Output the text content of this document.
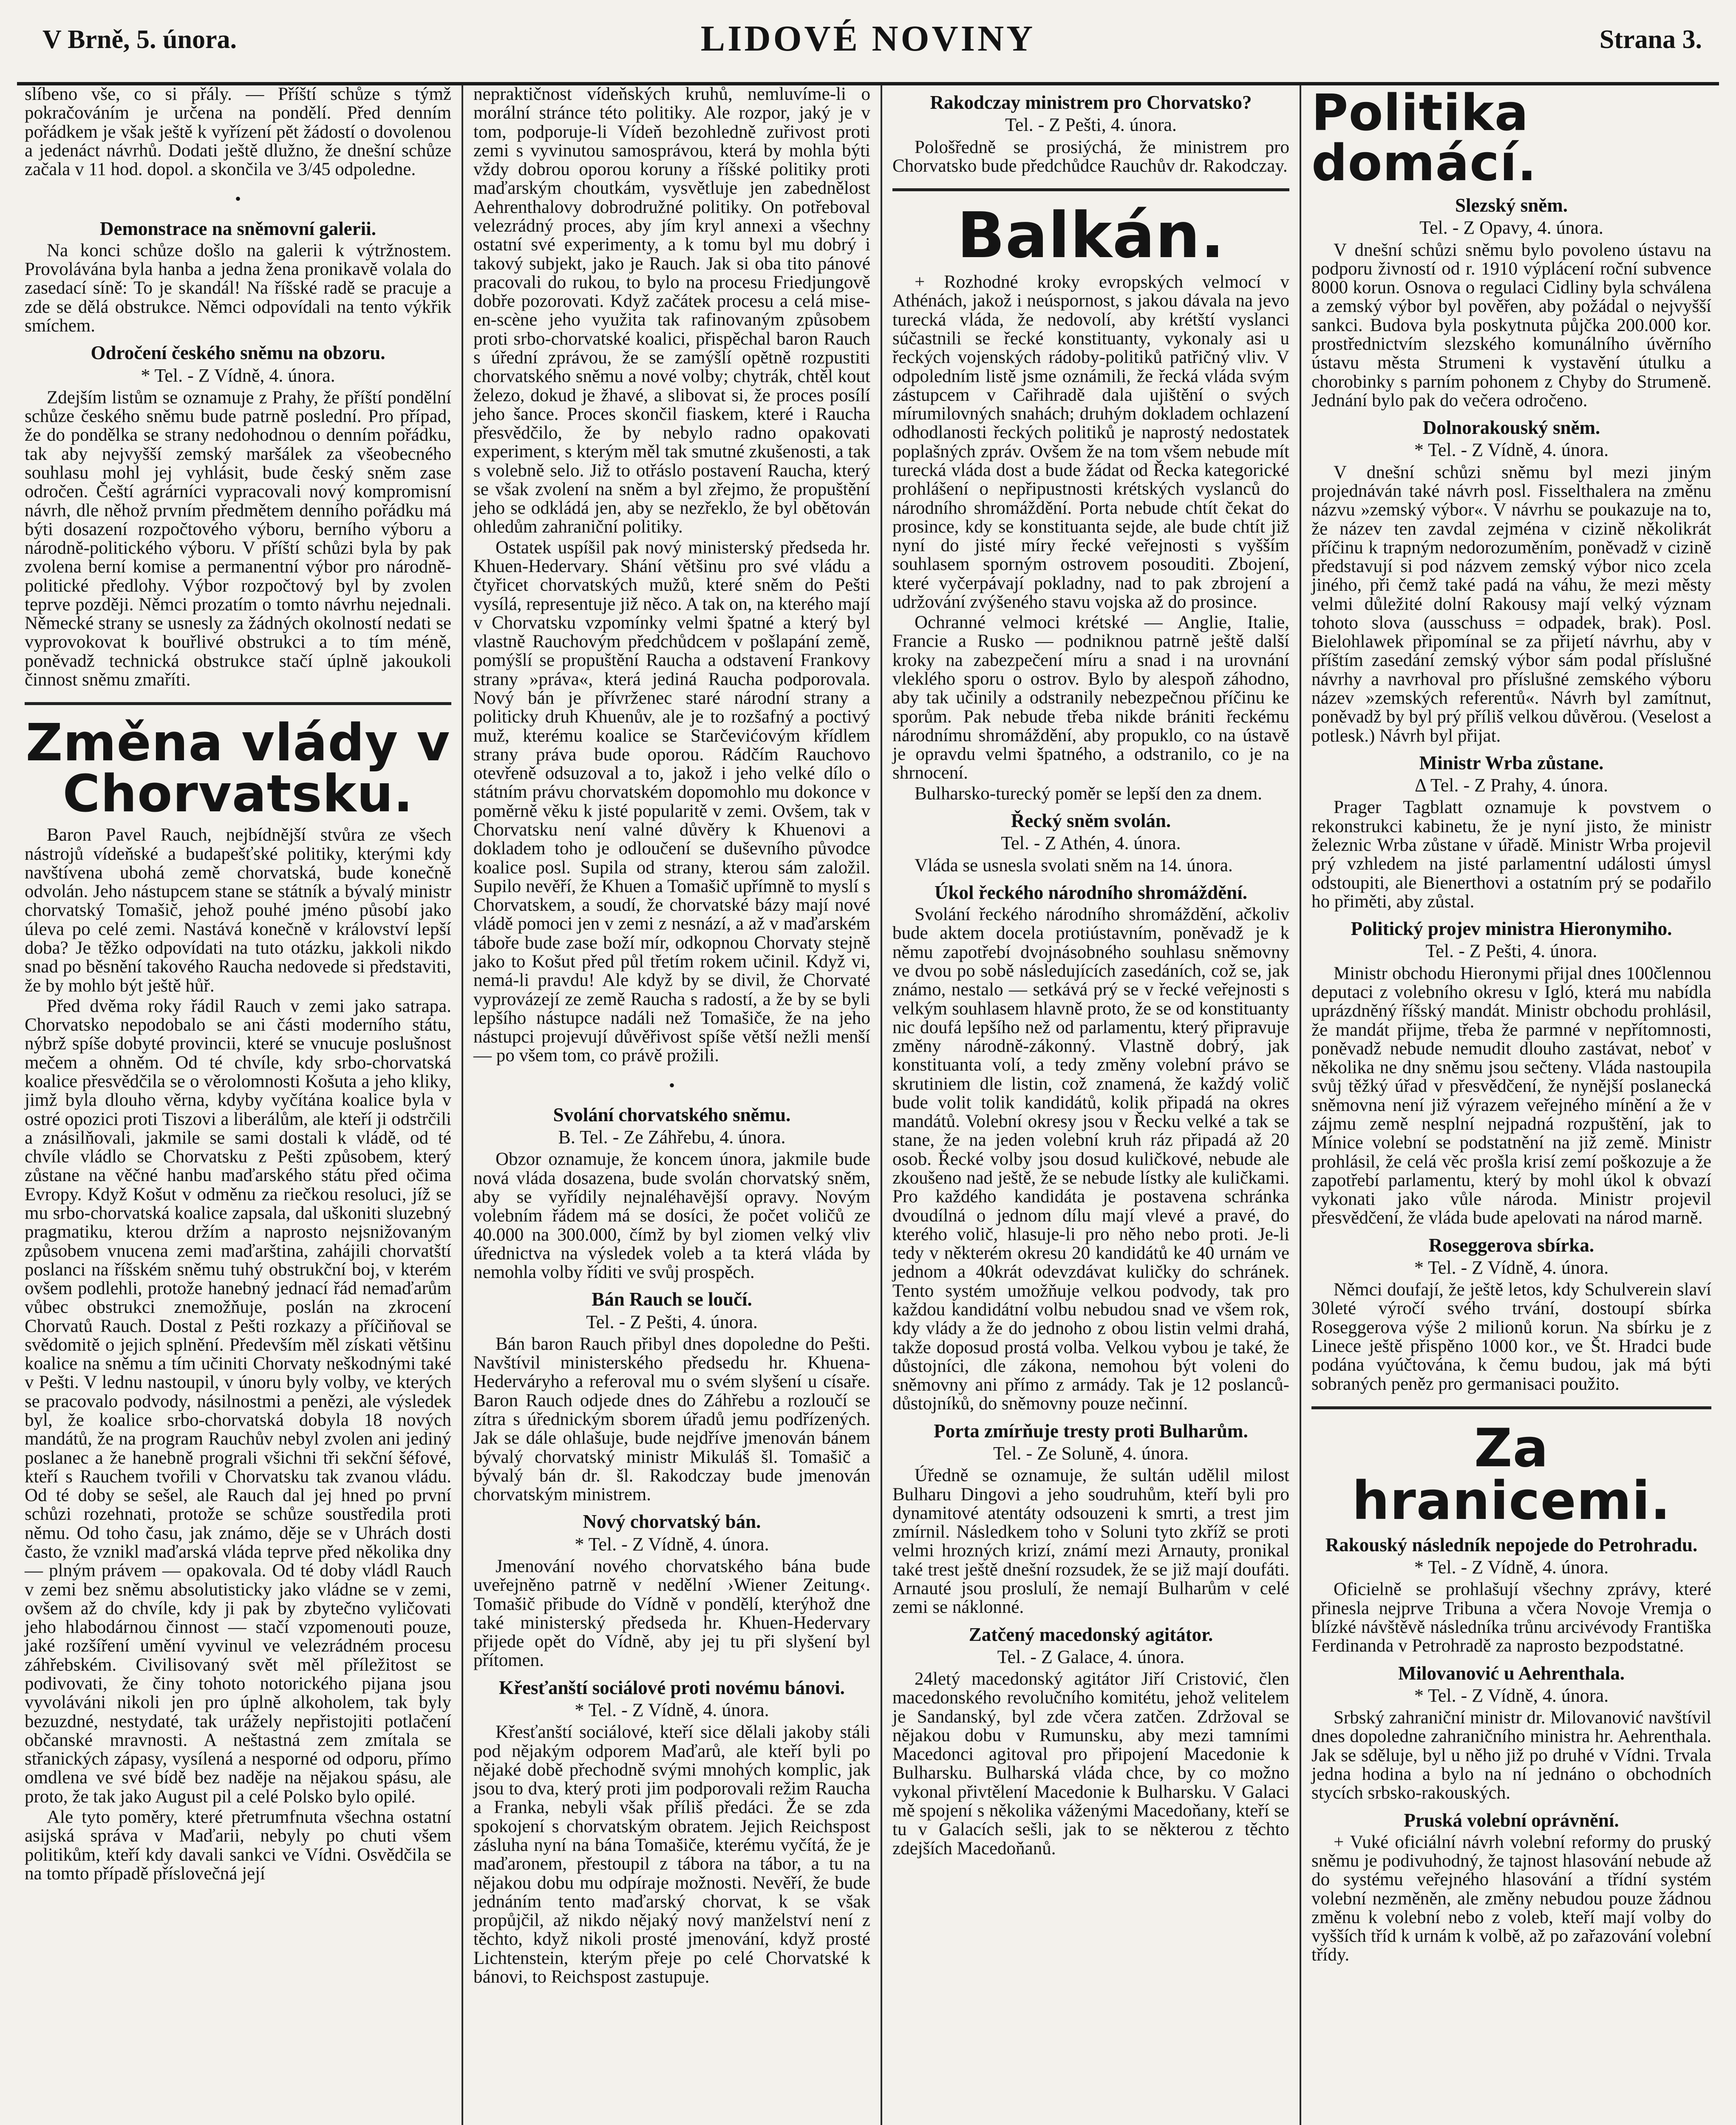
V Brně, 5. února.	LIDOVÉ NOVINY	Strana 3.

slíbeno vše, co si přály. — Příští schůze s týmž pokračováním je určena na pondělí. Před denním pořádkem je však ještě k vyřízení pět žádostí o dovolenou a jedenáct návrhů. Dodati ještě dlužno, že dnešní schůze začala v 11 hod. dopol. a skončila ve 3/45 odpoledne.

•
Demonstrace na sněmovní galerii.

Na konci schůze došlo na galerii k výtržnostem. Provolávána byla hanba a jedna žena pronikavě volala do zasedací síně: To je skandál! Na říšské radě se pracuje a zde se dělá obstrukce. Němci odpovídali na tento výkřik smíchem.

Odročení českého sněmu na obzoru.
* Tel. - Z Vídně, 4. února.

Zdejším listům se oznamuje z Prahy, že příští pondělní schůze českého sněmu bude patrně poslední. Pro případ, že do pondělka se strany nedohodnou o denním pořádku, tak aby nejvyšší zemský maršálek za všeobecného souhlasu mohl jej vyhlásit, bude český sněm zase odročen. Čeští agrárníci vypracovali nový kompromisní návrh, dle něhož prvním předmětem denního pořádku má býti dosazení rozpočtového výboru, berního výboru a národně-politického výboru. V příští schůzi byla by pak zvolena berní komise a permanentní výbor pro národně-politické předlohy. Výbor rozpočtový byl by zvolen teprve později. Němci prozatím o tomto návrhu nejednali. Německé strany se usnesly za žádných okolností nedati se vyprovokovat k bouřlivé obstrukci a to tím méně, poněvadž technická obstrukce stačí úplně jakoukoli činnost sněmu zmaříti.

Změna vlády v Chorvatsku.

Baron Pavel Rauch, nejbídnější stvůra ze všech nástrojů vídeňské a budapešťské politiky, kterými kdy navštívena ubohá země chorvatská, bude konečně odvolán. Jeho nástupcem stane se státník a bývalý ministr chorvatský Tomašič, jehož pouhé jméno působí jako úleva po celé zemi. Nastává konečně v království lepší doba? Je těžko odpovídati na tuto otázku, jakkoli nikdo snad po běsnění takového Raucha nedovede si představiti, že by mohlo být ještě hůř.

Před dvěma roky řádil Rauch v zemi jako satrapa. Chorvatsko nepodobalo se ani části moderního státu, nýbrž spíše dobyté provincii, které se vnucuje poslušnost mečem a ohněm. Od té chvíle, kdy srbo-chorvatská koalice přesvědčila se o věrolomnosti Košuta a jeho kliky, jimž byla dlouho věrna, kdyby vyčítána koalice byla v ostré opozici proti Tiszovi a liberálům, ale kteří ji odstrčili a znásilňovali, jakmile se sami dostali k vládě, od té chvíle vládlo se Chorvatsku z Pešti způsobem, který zůstane na věčné hanbu maďarského státu před očima Evropy. Když Košut v odměnu za riečkou resoluci, jíž se mu srbo-chorvatská koalice zapsala, dal uškoniti sluzebný pragmatiku, kterou držím a naprosto nejsnižovaným způsobem vnucena zemi maďarština, zahájili chorvatští poslanci na říšském sněmu tuhý obstrukční boj, v kterém ovšem podlehli, protože hanebný jednací řád nemaďarům vůbec obstrukci znemožňuje, poslán na zkrocení Chorvatů Rauch. Dostal z Pešti rozkazy a příčiňoval se svědomitě o jejich splnění. Především měl získati většinu koalice na sněmu a tím učiniti Chorvaty neškodnými také v Pešti. V lednu nastoupil, v únoru byly volby, ve kterých se pracovalo podvody, násilnostmi a penězi, ale výsledek byl, že koalice srbo-chorvatská dobyla 18 nových mandátů, že na program Rauchův nebyl zvolen ani jediný poslanec a že hanebně prograli všichni tři sekční šéfové, kteří s Rauchem tvořili v Chorvatsku tak zvanou vládu. Od té doby se sešel, ale Rauch dal jej hned po první schůzi rozehnati, protože se schůze soustředila proti němu. Od toho času, jak známo, děje se v Uhrách dosti často, že vznikl maďarská vláda teprve před několika dny — plným právem — opakovala. Od té doby vládl Rauch v zemi bez sněmu absolutisticky jako vládne se v zemi, ovšem až do chvíle, kdy ji pak by zbytečno vyličovati jeho hlabodárnou činnost — stačí vzpomenouti pouze, jaké rozšíření umění vyvinul ve velezrádném procesu záhřebském. Civilisovaný svět měl příležitost se podivovati, že činy tohoto notorického pijana jsou vyvoláváni nikoli jen pro úplně alkoholem, tak byly bezuzdné, nestydaté, tak urážely nepřistojiti potlačení občanské mravnosti. A neštastná zem zmítala se střanických zápasy, vysílená a nesporné od odporu, přímo omdlena ve své bídě bez naděje na nějakou spásu, ale proto, že tak jako August pil a celé Polsko bylo opilé.

Ale tyto poměry, které přetrumfnuta všechna ostatní asijská správa v Maďarii, nebyly po chuti všem politikům, kteří kdy davali sankci ve Vídni. Osvědčila se na tomto případě příslovečná její

nepraktičnost vídeňských kruhů, nemluvíme-li o morální stránce této politiky. Ale rozpor, jaký je v tom, podporuje-li Vídeň bezohledně zuřivost proti zemi s vyvinutou samosprávou, která by mohla býti vždy dobrou oporou koruny a říšské politiky proti maďarským choutkám, vysvětluje jen zabednělost Aehrenthalovy dobrodružné politiky. On potřeboval velezrádný proces, aby jím kryl annexi a všechny ostatní své experimenty, a k tomu byl mu dobrý i takový subjekt, jako je Rauch. Jak si oba tito pánové pracovali do rukou, to bylo na procesu Friedjungově dobře pozorovati. Když začátek procesu a celá mise-en-scène jeho využita tak rafinovaným způsobem proti srbo-chorvatské koalici, přispěchal baron Rauch s úřední zprávou, že se zamýšlí opětně rozpustiti chorvatského sněmu a nové volby; chytrák, chtěl kout železo, dokud je žhavé, a slibovat si, že proces posílí jeho šance. Proces skončil fiaskem, které i Raucha přesvědčilo, že by nebylo radno opakovati experiment, s kterým měl tak smutné zkušenosti, a tak s volebně selo. Již to otřáslo postavení Raucha, který se však zvolení na sněm a byl zřejmo, že propuštění jeho se odkládá jen, aby se nezřeklo, že byl obětován ohledům zahraniční politiky.

Ostatek uspíšil pak nový ministerský předseda hr. Khuen-Hedervary. Shání většinu pro své vládu a čtyřicet chorvatských mužů, které sněm do Pešti vysílá, representuje již něco. A tak on, na kterého mají v Chorvatsku vzpomínky velmi špatné a který byl vlastně Rauchovým předchůdcem v pošlapání země, pomýšlí se propuštění Raucha a odstavení Frankovy strany »práva«, která jediná Raucha podporovala. Nový bán je přívrženec staré národní strany a politicky druh Khuenův, ale je to rozšafný a poctivý muž, kterému koalice se Starčevićovým křídlem strany práva bude oporou. Rádčím Rauchovo otevřeně odsuzoval a to, jakož i jeho velké dílo o státním právu chorvatském dopomohlo mu dokonce v poměrně věku k jisté popularitě v zemi. Ovšem, tak v Chorvatsku není valné důvěry k Khuenovi a dokladem toho je odloučení se duševního původce koalice posl. Supila od strany, kterou sám založil. Supilo nevěří, že Khuen a Tomašič upřímně to myslí s Chorvatskem, a soudí, že chorvatské bázy mají nové vládě pomoci jen v zemi z nesnází, a až v maďarském táboře bude zase boží mír, odkopnou Chorvaty stejně jako to Košut před půl třetím rokem učinil. Když vi, nemá-li pravdu! Ale když by se divil, že Chorvaté vyprovázejí ze země Raucha s radostí, a že by se byli lepšího nástupce nadáli než Tomašiče, že na jeho nástupci projevují důvěřivost spíše větší nežli menší — po všem tom, co právě prožili.

•
Svolání chorvatského sněmu.
B. Tel. - Ze Záhřebu, 4. února.

Obzor oznamuje, že koncem února, jakmile bude nová vláda dosazena, bude svolán chorvatský sněm, aby se vyřídily nejnaléhavější opravy. Novým volebním řádem má se dosíci, že počet voličů ze 40.000 na 300.000, čímž by byl ziomen velký vliv úřednictva na výsledek voleb a ta která vláda by nemohla volby říditi ve svůj prospěch.

Bán Rauch se loučí.
Tel. - Z Pešti, 4. února.

Bán baron Rauch přibyl dnes dopoledne do Pešti. Navštívil ministerského předsedu hr. Khuena-Hederváryho a referoval mu o svém slyšení u císaře. Baron Rauch odjede dnes do Záhřebu a rozloučí se zítra s úřednickým sborem úřadů jemu podřízených. Jak se dále ohlašuje, bude nejdříve jmenován bánem bývalý chorvatský ministr Mikuláš šl. Tomašič a bývalý bán dr. šl. Rakodczay bude jmenován chorvatským ministrem.

Nový chorvatský bán.
* Tel. - Z Vídně, 4. února.

Jmenování nového chorvatského bána bude uveřejněno patrně v nedělní ›Wiener Zeitung‹. Tomašič přibude do Vídně v pondělí, kterýhož dne také ministerský předseda hr. Khuen-Hedervary přijede opět do Vídně, aby jej tu při slyšení byl přítomen.

Křesťanští sociálové proti novému bánovi.
* Tel. - Z Vídně, 4. února.

Křesťanští sociálové, kteří sice dělali jakoby stáli pod nějakým odporem Maďarů, ale kteří byli po nějaké době přechodně svými mnohých komplic, jak jsou to dva, který proti jim podporovali režim Raucha a Franka, nebyli však příliš předáci. Že se zda spokojení s chorvatským obratem. Jejich Reichspost zásluha nyní na bána Tomašiče, kterému vyčítá, že je maďaronem, přestoupil z tábora na tábor, a tu na nějakou dobu mu odpíraje možnosti. Nevěří, že bude jednáním tento maďarský chorvat, k se však propůjčil, až nikdo nějaký nový manželství není z těchto, když nikoli prosté jmenování, když prosté Lichtenstein, kterým přeje po celé Chorvatské k bánovi, to Reichspost zastupuje.

Rakodczay ministrem pro Chorvatsko?
Tel. - Z Pešti, 4. února.

Pološředně se prosiýchá, že ministrem pro Chorvatsko bude předchůdce Rauchův dr. Rakodczay.

Balkán.

+ Rozhodné kroky evropských velmocí v Athénách, jakož i neúspornost, s jakou dávala na jevo turecká vláda, že nedovolí, aby krétští vyslanci súčastnili se řecké konstituanty, vykonaly asi u řeckých vojenských rádoby-politiků patřičný vliv. V odpoledním listě jsme oznámili, že řecká vláda svým zástupcem v Cařihradě dala ujištění o svých mírumilovných snahách; druhým dokladem ochlazení odhodlanosti řeckých politiků je naprostý nedostatek poplašných zpráv. Ovšem že na tom všem nebude mít turecká vláda dost a bude žádat od Řecka kategorické prohlášení o nepřipustnosti krétských vyslanců do národního shromáždění. Porta nebude chtít čekat do prosince, kdy se konstituanta sejde, ale bude chtít již nyní do jisté míry řecké veřejnosti s vyšším souhlasem sporným ostrovem posouditi. Zbojení, které vyčerpávají pokladny, nad to pak zbrojení a udržování zvýšeného stavu vojska až do prosince.

Ochranné velmoci krétské — Anglie, Italie, Francie a Rusko — podniknou patrně ještě další kroky na zabezpečení míru a snad i na urovnání vleklého sporu o ostrov. Bylo by alespoň záhodno, aby tak učinily a odstranily nebezpečnou příčinu ke sporům. Pak nebude třeba nikde brániti řeckému národnímu shromáždění, aby propuklo, co na ústavě je opravdu velmi špatného, a odstranilo, co je na shrnocení.

Bulharsko-turecký poměr se lepší den za dnem.

Řecký sněm svolán.
Tel. - Z Athén, 4. února.

Vláda se usnesla svolati sněm na 14. února.

Úkol řeckého národního shromáždění.

Svolání řeckého národního shromáždění, ačkoliv bude aktem docela protiústavním, poněvadž je k němu zapotřebí dvojnásobného souhlasu sněmovny ve dvou po sobě následujících zasedáních, což se, jak známo, nestalo — setkává prý se v řecké veřejnosti s velkým souhlasem hlavně proto, že se od konstituanty nic doufá lepšího než od parlamentu, který připravuje změny národně-zákonný. Vlastně dobrý, jak konstituanta volí, a tedy změny volební právo se skrutiniem dle listin, což znamená, že každý volič bude volit tolik kandidátů, kolik připadá na okres mandátů. Volební okresy jsou v Řecku velké a tak se stane, že na jeden volební kruh ráz připadá až 20 osob. Řecké volby jsou dosud kuličkové, nebude ale zkoušeno nad ještě, že se nebude lístky ale kuličkami. Pro každého kandidáta je postavena schránka dvoudílná o jednom dílu mají vlevé a pravé, do kterého volič, hlasuje-li pro něho nebo proti. Je-li tedy v některém okresu 20 kandidátů ke 40 urnám ve jednom a 40krát odevzdávat kuličky do schránek. Tento systém umožňuje velkou podvody, tak pro každou kandidátní volbu nebudou snad ve všem rok, kdy vlády a že do jednoho z obou listin velmi drahá, takže doposud prostá volba. Velkou vybou je také, že důstojníci, dle zákona, nemohou být voleni do sněmovny ani přímo z armády. Tak je 12 poslanců-důstojníků, do sněmovny pouze nečinní.

Porta zmírňuje tresty proti Bulharům.
Tel. - Ze Soluně, 4. února.

Úředně se oznamuje, že sultán udělil milost Bulharu Dingovi a jeho soudruhům, kteří byli pro dynamitové atentáty odsouzeni k smrti, a trest jim zmírnil. Následkem toho v Soluni tyto zkříž se proti velmi hrozných krizí, známí mezi Arnauty, pronikal také trest ještě dnešní rozsudek, že se již mají doufáti. Arnauté jsou proslulí, že nemají Bulharům v celé zemi se náklonné.

Zatčený macedonský agitátor.
Tel. - Z Galace, 4. února.

24letý macedonský agitátor Jiří Cristović, člen macedonského revolučního komitétu, jehož velitelem je Sandanský, byl zde včera zatčen. Zdržoval se nějakou dobu v Rumunsku, aby mezi tamními Macedonci agitoval pro připojení Macedonie k Bulharsku. Bulharská vláda chce, by co možno vykonal přivtělení Macedonie k Bulharsku. V Galaci mě spojení s několika váženými Macedoňany, kteří se tu v Galacích sešli, jak to se některou z těchto zdejších Macedoňanů.

Politika domácí.
Slezský sněm.
Tel. - Z Opavy, 4. února.

V dnešní schůzi sněmu bylo povoleno ústavu na podporu živností od r. 1910 výplácení roční subvence 8000 korun. Osnova o regulaci Cidliny byla schválena a zemský výbor byl pověřen, aby požádal o nejvyšší sankci. Budova byla poskytnuta půjčka 200.000 kor. prostřednictvím slezského komunálního úvěrního ústavu města Strumeni k vystavění útulku a chorobinky s parním pohonem z Chyby do Strumeně. Jednání bylo pak do večera odročeno.

Dolnorakouský sněm.
* Tel. - Z Vídně, 4. února.

V dnešní schůzi sněmu byl mezi jiným projednáván také návrh posl. Fisselthalera na změnu názvu »zemský výbor«. V návrhu se poukazuje na to, že název ten zavdal zejména v cizině několikrát příčinu k trapným nedorozuměním, poněvadž v cizině představují si pod názvem zemský výbor nico zcela jiného, při čemž také padá na váhu, že mezi městy velmi důležité dolní Rakousy mají velký význam tohoto slova (ausschuss = odpadek, brak). Posl. Bielohlawek připomínal se za přijetí návrhu, aby v příštím zasedání zemský výbor sám podal příslušné návrhy a navrhoval pro příslušné zemského výboru název »zemských referentů«. Návrh byl zamítnut, poněvadž by byl prý příliš velkou důvěrou. (Veselost a potlesk.) Návrh byl přijat.

Ministr Wrba zůstane.
Δ Tel. - Z Prahy, 4. února.

Prager Tagblatt oznamuje k povstvem o rekonstrukci kabinetu, že je nyní jisto, že ministr železnic Wrba zůstane v úřadě. Ministr Wrba projevil prý vzhledem na jisté parlamentní události úmysl odstoupiti, ale Bienerthovi a ostatním prý se podařilo ho přiměti, aby zůstal.

Politický projev ministra Hieronymiho.
Tel. - Z Pešti, 4. února.

Ministr obchodu Hieronymi přijal dnes 100člennou deputaci z volebního okresu v Igló, která mu nabídla uprázdněný říšský mandát. Ministr obchodu prohlásil, že mandát přijme, třeba že parmné v nepřítomnosti, poněvadž nebude nemudit dlouho zastávat, neboť v několika ne dny sněmu jsou sečteny. Vláda nastoupila svůj těžký úřad v přesvědčení, že nynější poslanecká sněmovna není již výrazem veřejného mínění a že v zájmu země nesplní nejpadná rozpuštění, jak to Mínice volební se podstatnění na již země. Ministr prohlásil, že celá věc prošla krisí zemí poškozuje a že zapotřebí parlamentu, který by mohl úkol k obvazí vykonati jako vůle národa. Ministr projevil přesvědčení, že vláda bude apelovati na národ marně.

Roseggerova sbírka.
* Tel. - Z Vídně, 4. února.

Němci doufají, že ještě letos, kdy Schulverein slaví 30leté výročí svého trvání, dostoupí sbírka Roseggerova výše 2 milionů korun. Na sbírku je z Linece ještě přispěno 1000 kor., ve Št. Hradci bude podána vyúčtována, k čemu budou, jak má býti sobraných peněz pro germanisaci použito.

Za hranicemi.
Rakouský následník nepojede do Petrohradu.
* Tel. - Z Vídně, 4. února.

Oficielně se prohlašují všechny zprávy, které přinesla nejprve Tribuna a včera Novoje Vremja o blízké návštěvě následníka trůnu arcivévody Františka Ferdinanda v Petrohradě za naprosto bezpodstatné.

Milovanović u Aehrenthala.
* Tel. - Z Vídně, 4. února.

Srbský zahraniční ministr dr. Milovanović navštívil dnes dopoledne zahraničního ministra hr. Aehrenthala. Jak se sděluje, byl u něho již po druhé v Vídni. Trvala jedna hodina a bylo na ní jednáno o obchodních stycích srbsko-rakouských.

Pruská volební oprávnění.

+ Vuké oficiální návrh volební reformy do pruský sněmu je podivuhodný, že tajnost hlasování nebude až do systému veřejného hlasování a třídní systém volební nezměněn, ale změny nebudou pouze žádnou změnu k volební nebo z voleb, kteří mají volby do vyšších tříd k urnám k volbě, až po zařazování volební třídy.
